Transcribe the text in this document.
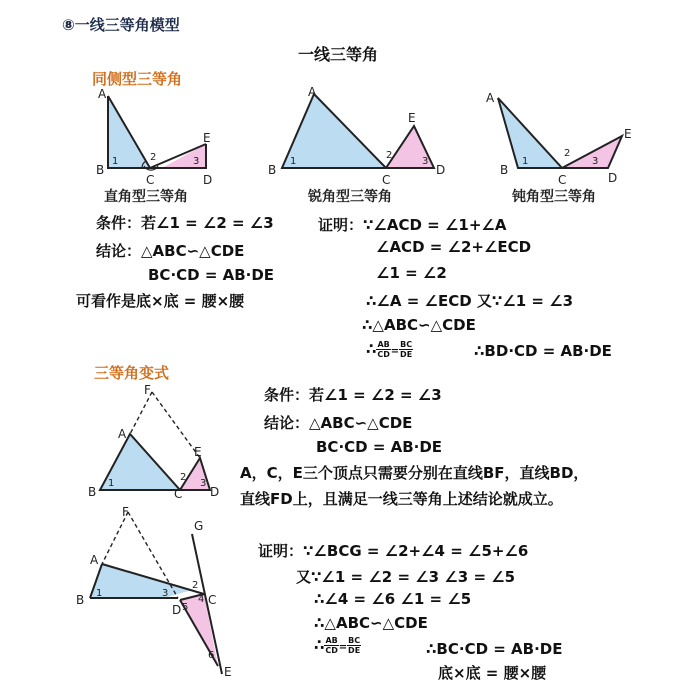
⑧一线三等角模型
一线三等角
同侧型三等角
A
B
C	D
E
1	2	3
直角型三等角
A
B
C
D
E
1
2
3
锐角型三等角
A
B
C	D
E
1
2
3
钝角型三等角
条件：若∠1 = ∠2 = ∠3
结论：△ABC∽△CDE
BC·CD = AB·DE
可看作是底×底 = 腰×腰
证明：∵∠ACD = ∠1+∠A
∠ACD = ∠2+∠ECD
∠1 = ∠2
∴∠A = ∠ECD 又∵∠1 = ∠3
∴△ABC∽△CDE
∴ $\frac{AB}{CD} = \frac{BC}{DE}$	∴BD·CD = AB·DE
三等角变式
F
A
B	C D
E
1
2
3
F
G
A
B	C
D
E
1
2
3
4
5
6
条件：若∠1 = ∠2 = ∠3
结论：△ABC∽△CDE
BC·CD = AB·DE
A，C，E三个顶点只需要分别在直线BF，直线BD，
直线FD上，且满足一线三等角上述结论就成立。
证明：∵∠BCG = ∠2+∠4 = ∠5+∠6
又∵∠1 = ∠2 = ∠3 ∠3 = ∠5
∴∠4 = ∠6 ∠1 = ∠5
∴△ABC∽△CDE
∴ $\frac{AB}{CD} = \frac{BC}{DE}$	∴BC·CD = AB·DE
底×底 = 腰×腰
